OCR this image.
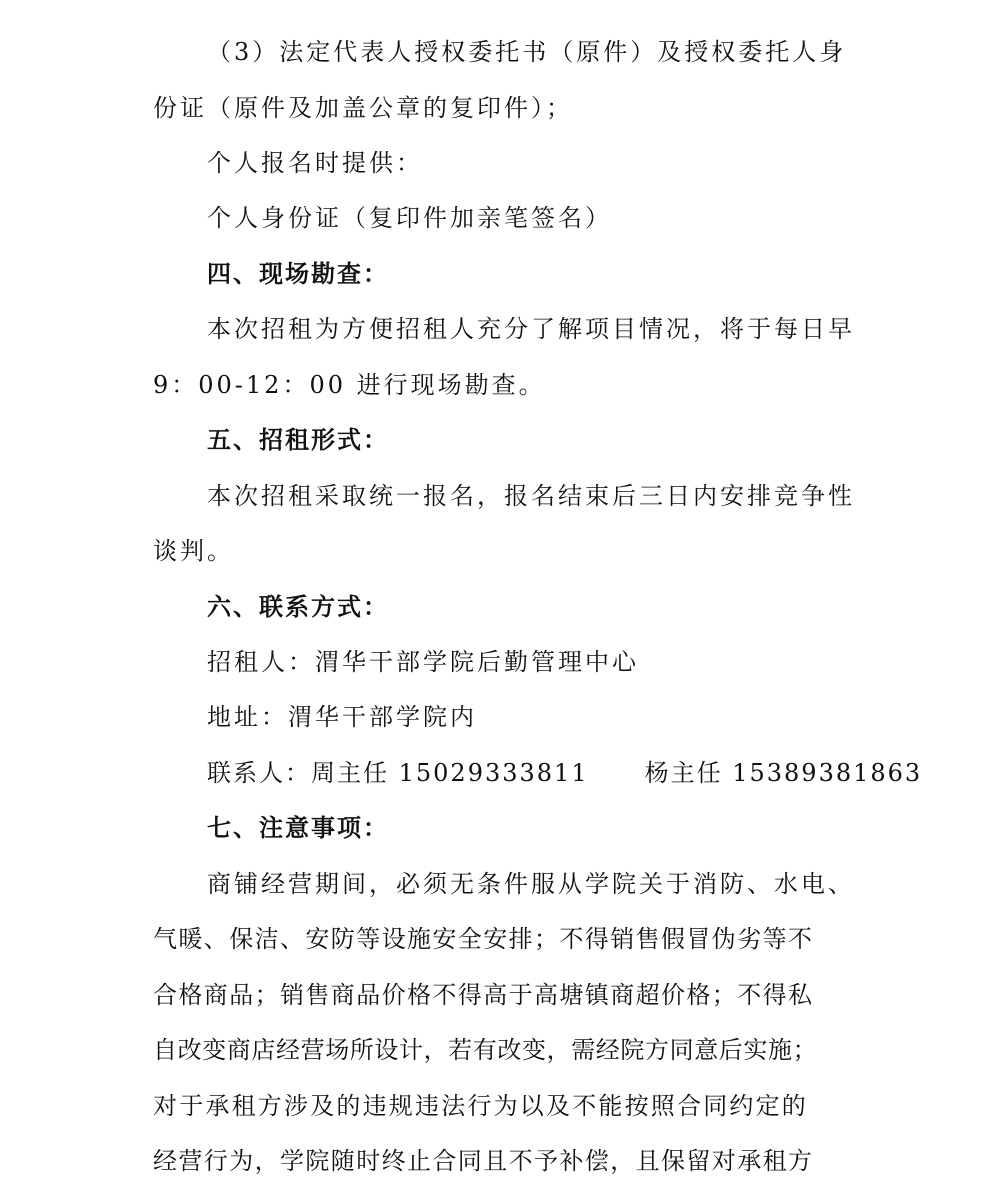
（3）法定代表人授权委托书（原件）及授权委托人身
份证（原件及加盖公章的复印件）；
个人报名时提供：
个人身份证（复印件加亲笔签名）
四、现场勘查：
本次招租为方便招租人充分了解项目情况，将于每日早
9：00-12：00 进行现场勘查。
五、招租形式：
本次招租采取统一报名，报名结束后三日内安排竞争性
谈判。
六、联系方式：
招租人：渭华干部学院后勤管理中心
地址：渭华干部学院内
联系人：周主任 15029333811 杨主任 15389381863
七、注意事项：
商铺经营期间，必须无条件服从学院关于消防、水电、
气暖、保洁、安防等设施安全安排；不得销售假冒伪劣等不
合格商品；销售商品价格不得高于高塘镇商超价格；不得私
自改变商店经营场所设计，若有改变，需经院方同意后实施；
对于承租方涉及的违规违法行为以及不能按照合同约定的
经营行为，学院随时终止合同且不予补偿，且保留对承租方
